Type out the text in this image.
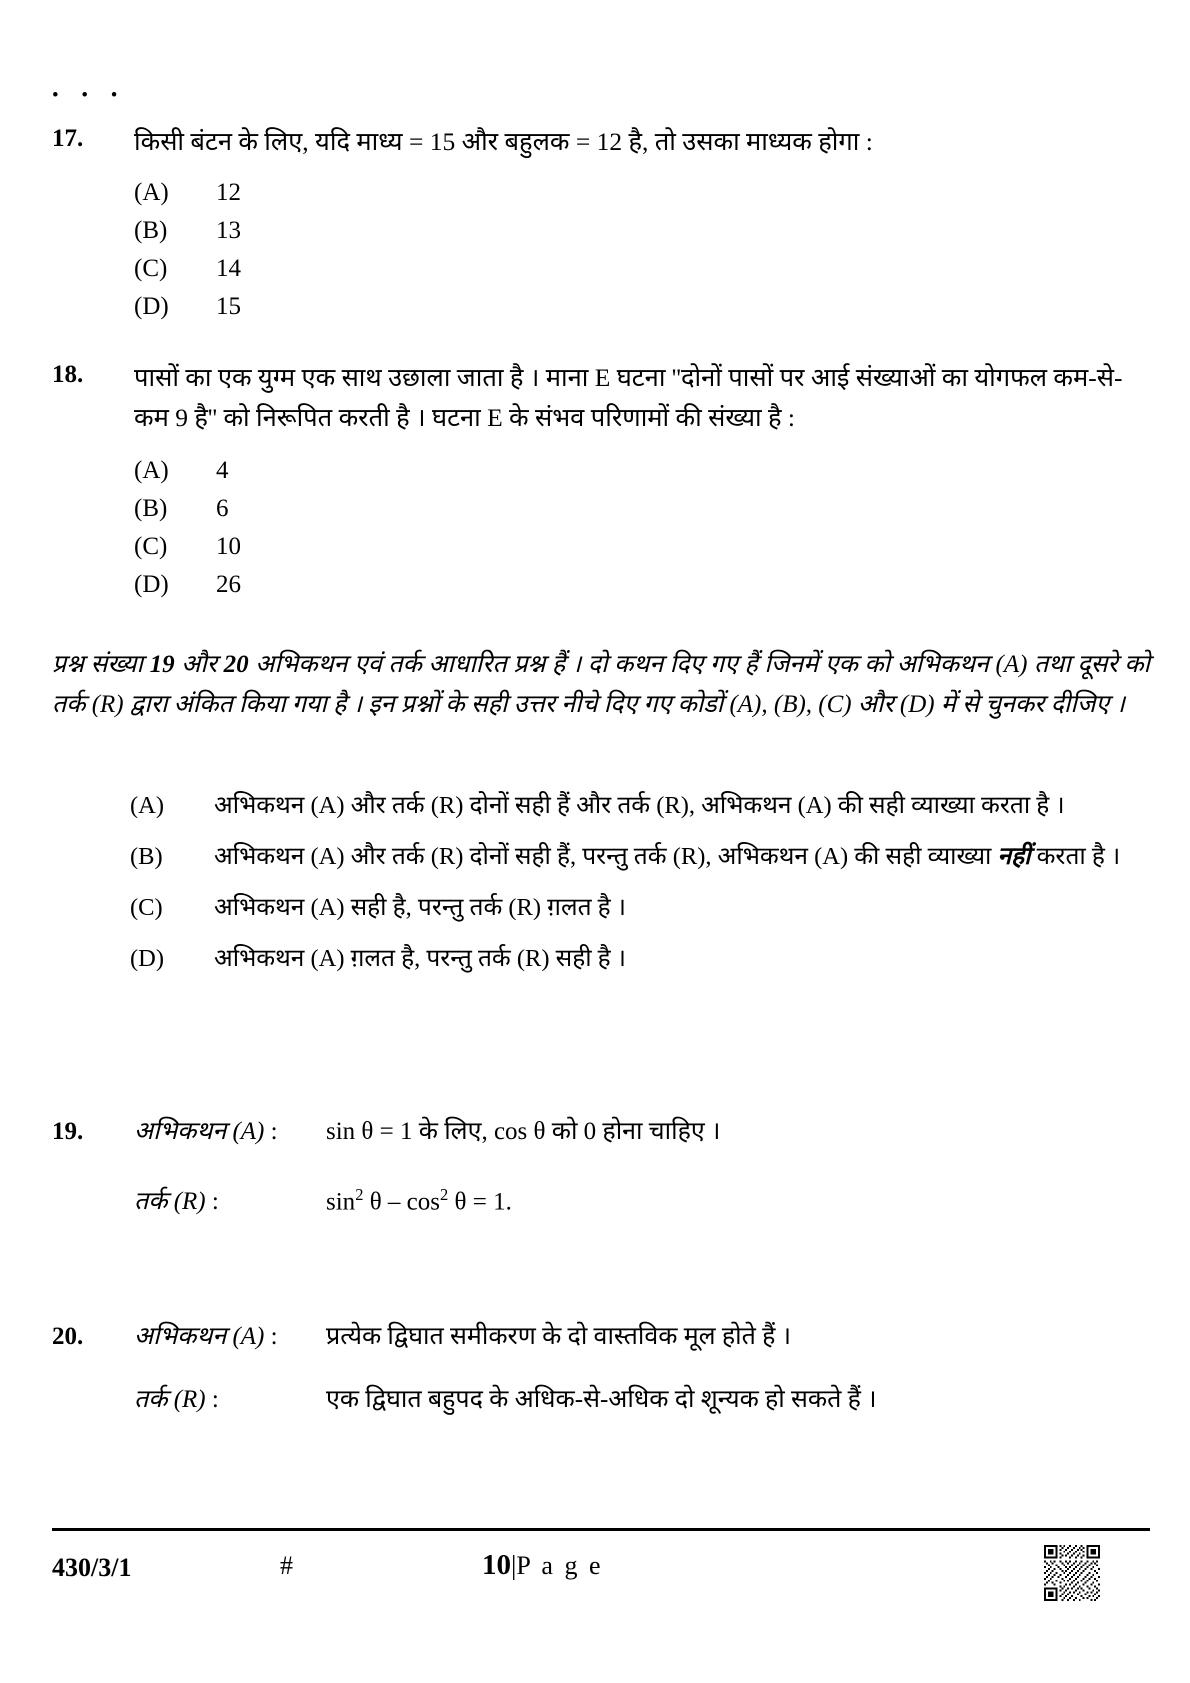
• • •
17.	किसी बंटन के लिए, यदि माध्य = 15 और बहुलक = 12 है, तो उसका माध्यक होगा :
(A)	12
(B)	13
(C)	14
(D)	15
18.	पासों का एक युग्म एक साथ उछाला जाता है । माना E घटना ''दोनों पासों पर आई संख्याओं का योगफल कम-से-कम 9 है'' को निरूपित करती है । घटना E के संभव परिणामों की संख्या है :
(A)	4
(B)	6
(C)	10
(D)	26
प्रश्न संख्या 19 और 20 अभिकथन एवं तर्क आधारित प्रश्न हैं । दो कथन दिए गए हैं जिनमें एक को अभिकथन (A) तथा दूसरे को तर्क (R) द्वारा अंकित किया गया है । इन प्रश्नों के सही उत्तर नीचे दिए गए कोडों (A), (B), (C) और (D) में से चुनकर दीजिए ।
(A)	अभिकथन (A) और तर्क (R) दोनों सही हैं और तर्क (R), अभिकथन (A) की सही व्याख्या करता है ।
(B)	अभिकथन (A) और तर्क (R) दोनों सही हैं, परन्तु तर्क (R), अभिकथन (A) की सही व्याख्या नहीं करता है ।
(C)	अभिकथन (A) सही है, परन्तु तर्क (R) ग़लत है ।
(D)	अभिकथन (A) ग़लत है, परन्तु तर्क (R) सही है ।
19.	अभिकथन (A) :	sin θ = 1 के लिए, cos θ को 0 होना चाहिए ।
तर्क (R) :	$\sin^2 \theta - \cos^2 \theta = 1$.
20.	अभिकथन (A) :	प्रत्येक द्विघात समीकरण के दो वास्तविक मूल होते हैं ।
तर्क (R) :	एक द्विघात बहुपद के अधिक-से-अधिक दो शून्यक हो सकते हैं ।
430/3/1	#	10|P a g e
